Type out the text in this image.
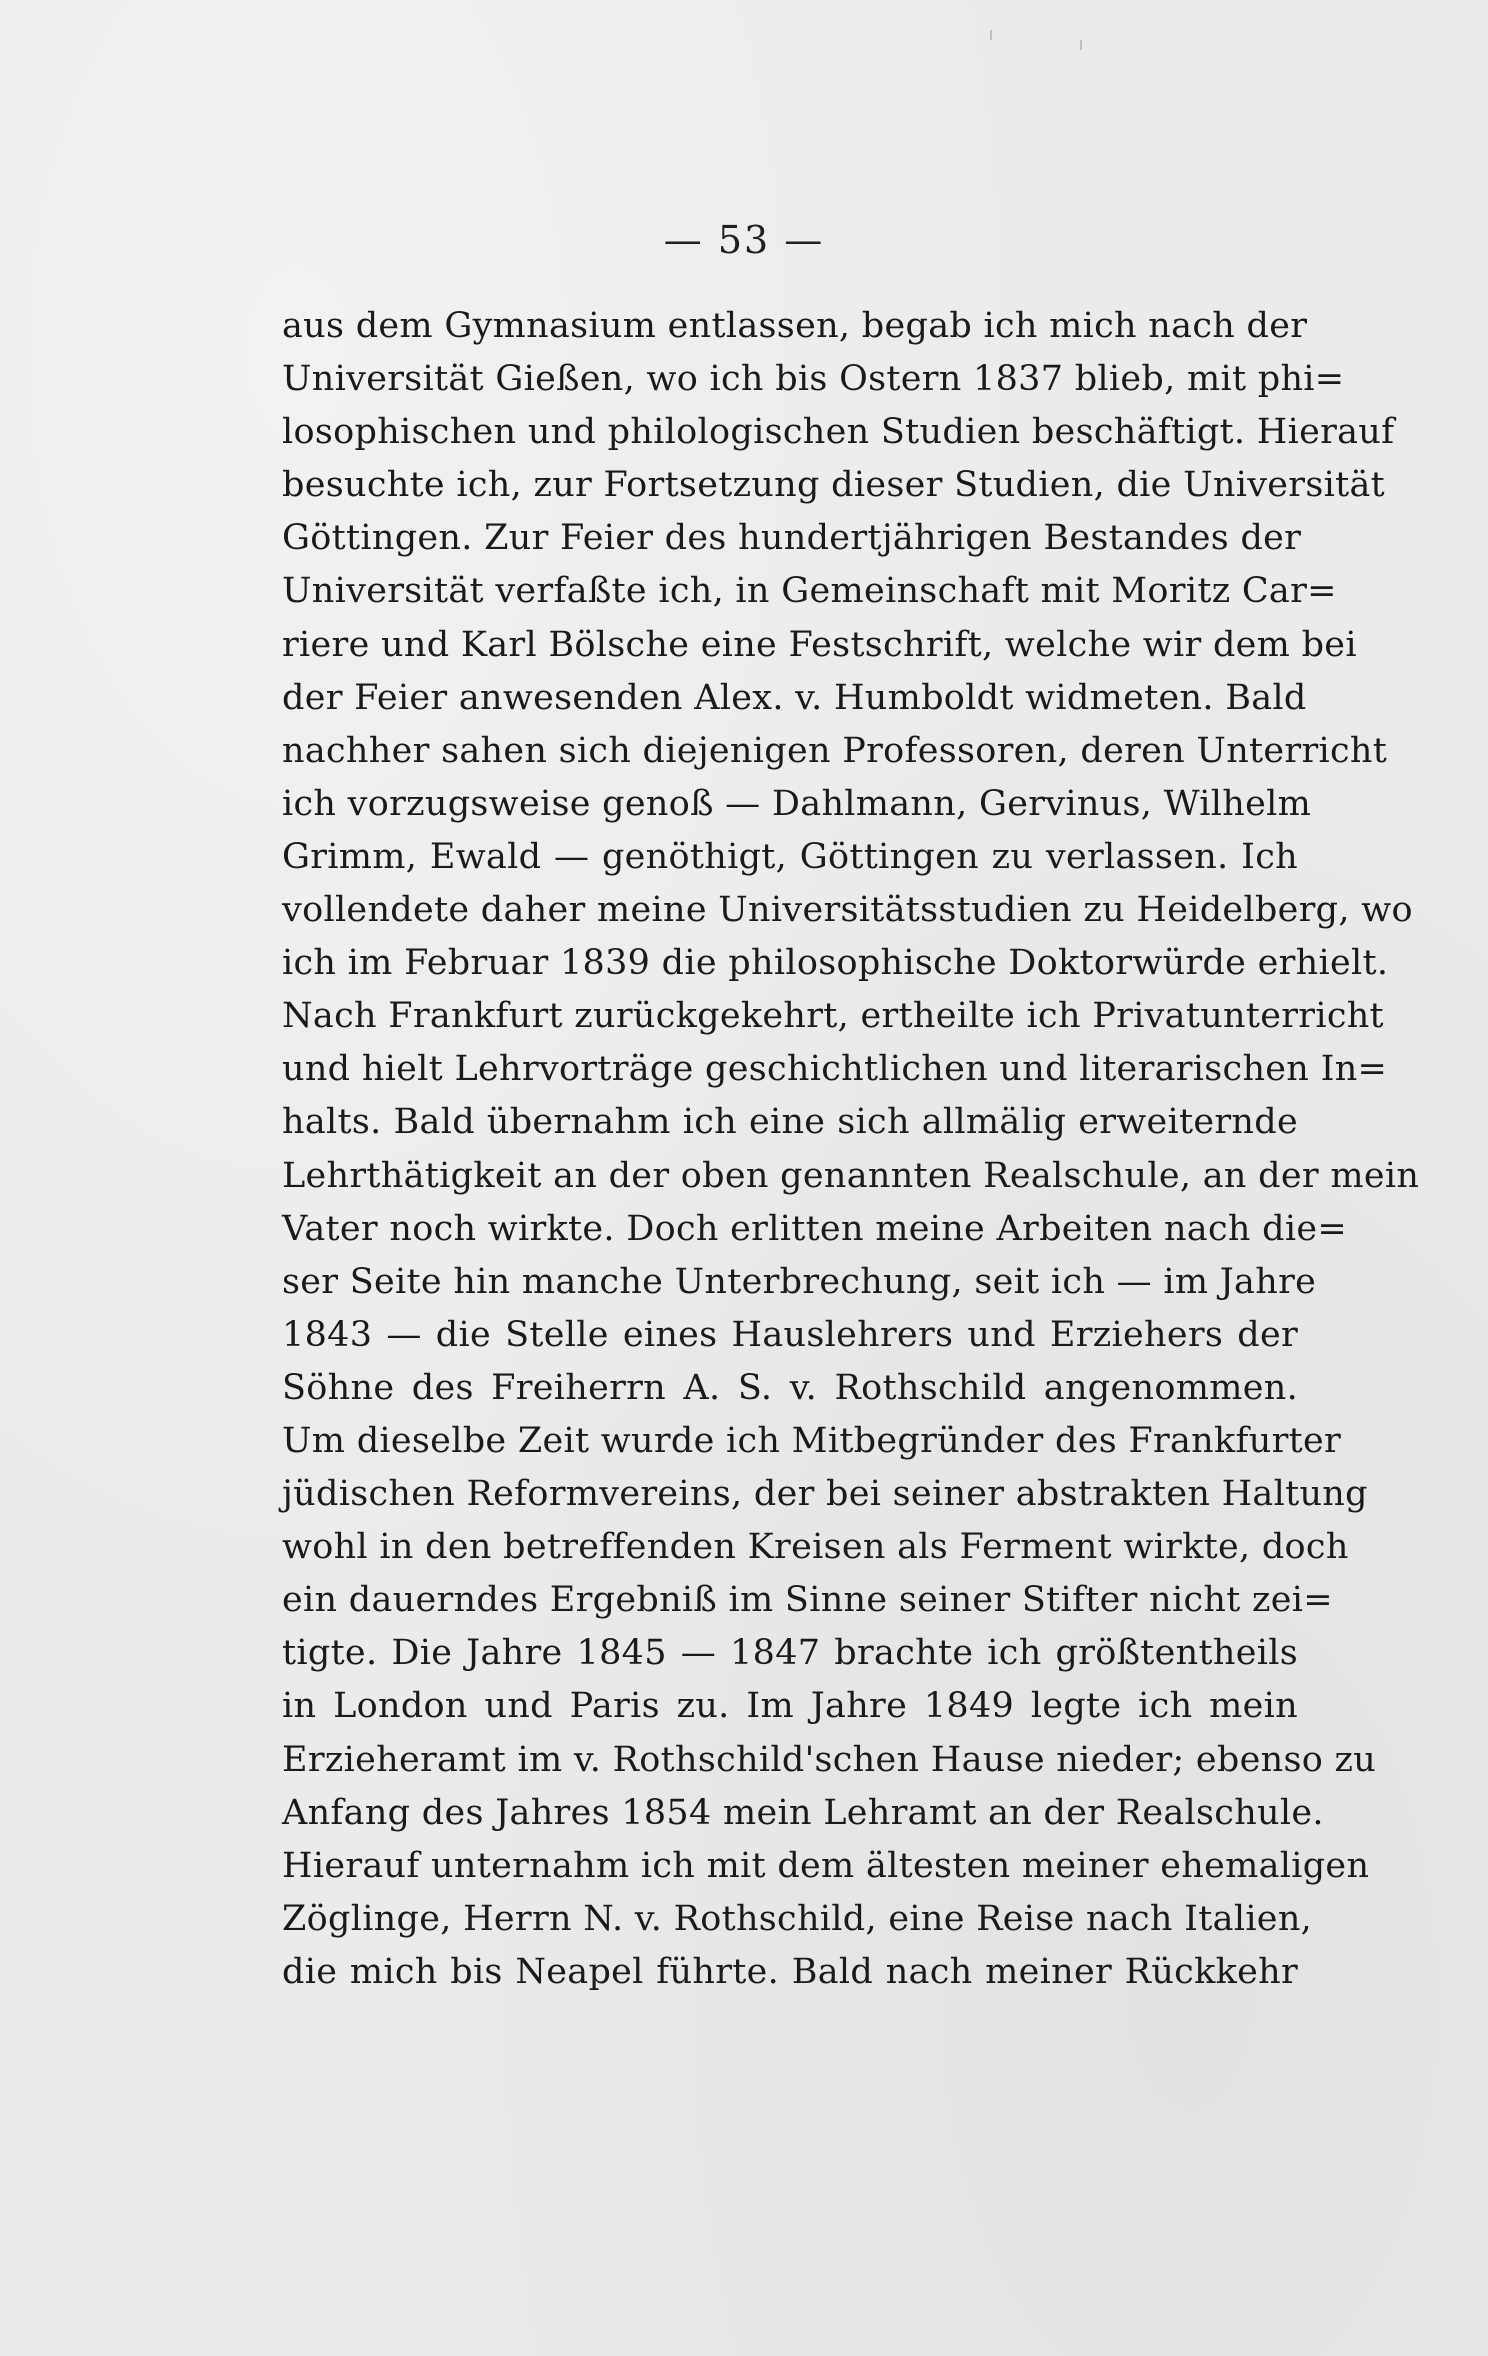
— 53 —
aus dem Gymnasium entlassen, begab ich mich nach der
Universität Gießen, wo ich bis Ostern 1837 blieb, mit phi=
losophischen und philologischen Studien beschäftigt. Hierauf
besuchte ich, zur Fortsetzung dieser Studien, die Universität
Göttingen. Zur Feier des hundertjährigen Bestandes der
Universität verfaßte ich, in Gemeinschaft mit Moritz Car=
riere und Karl Bölsche eine Festschrift, welche wir dem bei
der Feier anwesenden Alex. v. Humboldt widmeten. Bald
nachher sahen sich diejenigen Professoren, deren Unterricht
ich vorzugsweise genoß — Dahlmann, Gervinus, Wilhelm
Grimm, Ewald — genöthigt, Göttingen zu verlassen. Ich
vollendete daher meine Universitätsstudien zu Heidelberg, wo
ich im Februar 1839 die philosophische Doktorwürde erhielt.
Nach Frankfurt zurückgekehrt, ertheilte ich Privatunterricht
und hielt Lehrvorträge geschichtlichen und literarischen In=
halts. Bald übernahm ich eine sich allmälig erweiternde
Lehrthätigkeit an der oben genannten Realschule, an der mein
Vater noch wirkte. Doch erlitten meine Arbeiten nach die=
ser Seite hin manche Unterbrechung, seit ich — im Jahre
1843 — die Stelle eines Hauslehrers und Erziehers der
Söhne des Freiherrn A. S. v. Rothschild angenommen.
Um dieselbe Zeit wurde ich Mitbegründer des Frankfurter
jüdischen Reformvereins, der bei seiner abstrakten Haltung
wohl in den betreffenden Kreisen als Ferment wirkte, doch
ein dauerndes Ergebniß im Sinne seiner Stifter nicht zei=
tigte. Die Jahre 1845 — 1847 brachte ich größtentheils
in London und Paris zu. Im Jahre 1849 legte ich mein
Erzieheramt im v. Rothschild'schen Hause nieder; ebenso zu
Anfang des Jahres 1854 mein Lehramt an der Realschule.
Hierauf unternahm ich mit dem ältesten meiner ehemaligen
Zöglinge, Herrn N. v. Rothschild, eine Reise nach Italien,
die mich bis Neapel führte. Bald nach meiner Rückkehr
